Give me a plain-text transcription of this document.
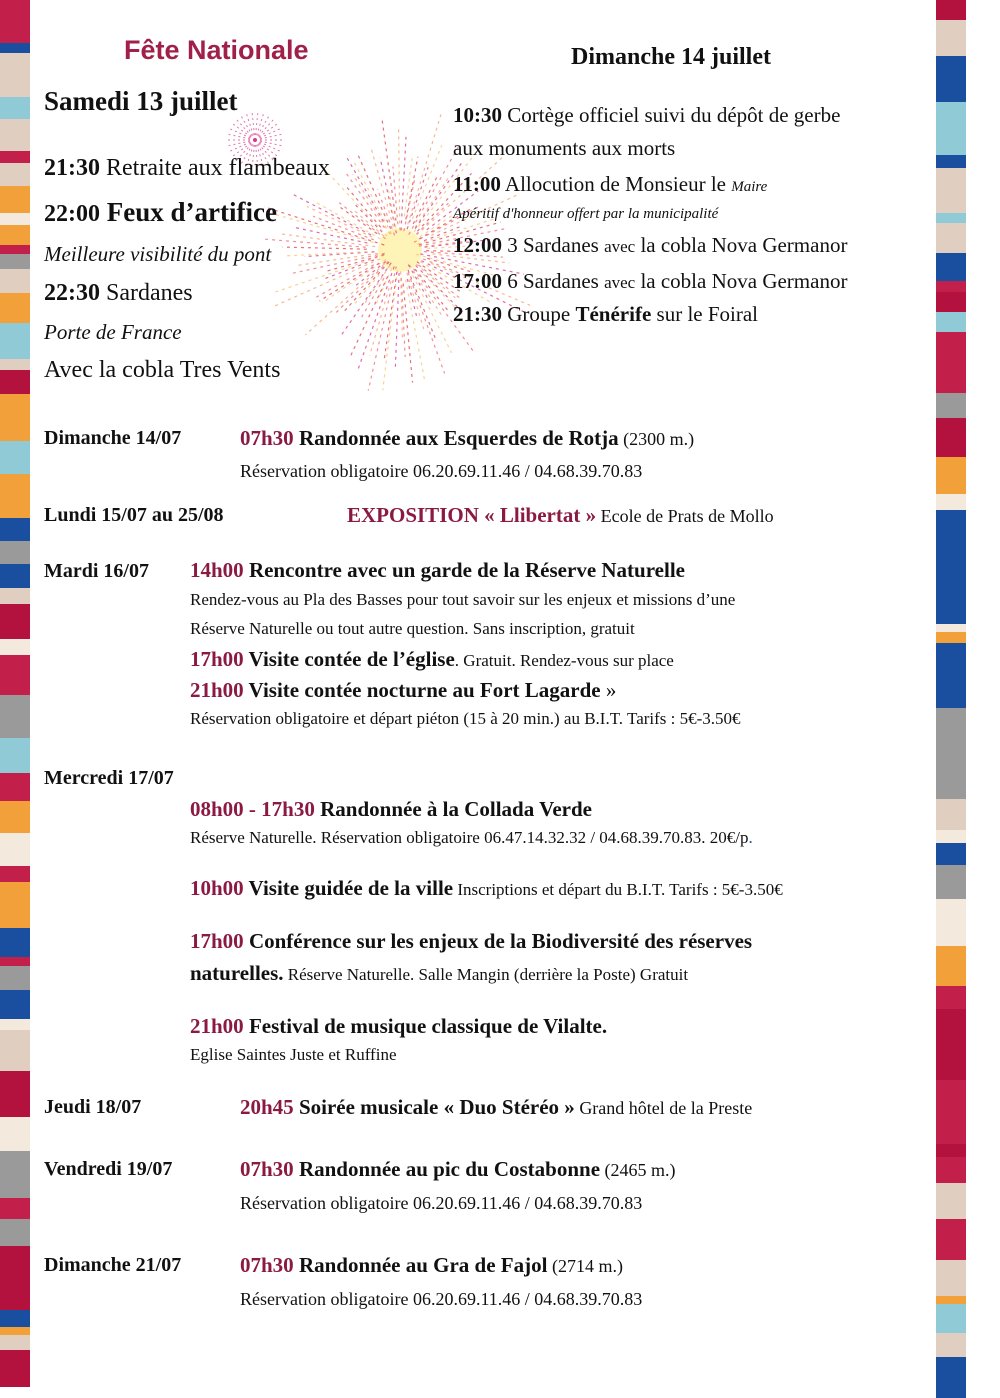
Fête Nationale
Samedi 13 juillet
21:30 Retraite aux flambeaux
22:00 Feux d’artifice
Meilleure visibilité du pont
22:30 Sardanes
Porte de France
Avec la cobla Tres Vents
Dimanche 14 juillet
10:30 Cortège officiel suivi du dépôt de gerbe
aux monuments aux morts
11:00 Allocution de Monsieur le Maire
Apéritif d'honneur offert par la municipalité
12:00 3 Sardanes avec la cobla Nova Germanor
17:00 6 Sardanes avec la cobla Nova Germanor
21:30 Groupe Ténérife sur le Foiral
Dimanche 14/07	07h30 Randonnée aux Esquerdes de Rotja (2300 m.)
Réservation obligatoire 06.20.69.11.46 / 04.68.39.70.83
Lundi 15/07 au 25/08	EXPOSITION « Llibertat » Ecole de Prats de Mollo
Mardi 16/07 14h00 Rencontre avec un garde de la Réserve Naturelle
Rendez-vous au Pla des Basses pour tout savoir sur les enjeux et missions d’une
Réserve Naturelle ou tout autre question. Sans inscription, gratuit
17h00 Visite contée de l’église. Gratuit. Rendez-vous sur place
21h00 Visite contée nocturne au Fort Lagarde »
Réservation obligatoire et départ piéton (15 à 20 min.) au B.I.T. Tarifs : 5€-3.50€
Mercredi 17/07
08h00 - 17h30 Randonnée à la Collada Verde
Réserve Naturelle. Réservation obligatoire 06.47.14.32.32 / 04.68.39.70.83. 20€/p.
10h00 Visite guidée de la ville Inscriptions et départ du B.I.T. Tarifs : 5€-3.50€
17h00 Conférence sur les enjeux de la Biodiversité des réserves
naturelles. Réserve Naturelle. Salle Mangin (derrière la Poste) Gratuit
21h00 Festival de musique classique de Vilalte.
Eglise Saintes Juste et Ruffine
Jeudi 18/07	20h45 Soirée musicale « Duo Stéréo » Grand hôtel de la Preste
Vendredi 19/07	07h30 Randonnée au pic du Costabonne (2465 m.)
Réservation obligatoire 06.20.69.11.46 / 04.68.39.70.83
Dimanche 21/07	07h30 Randonnée au Gra de Fajol (2714 m.)
Réservation obligatoire 06.20.69.11.46 / 04.68.39.70.83
